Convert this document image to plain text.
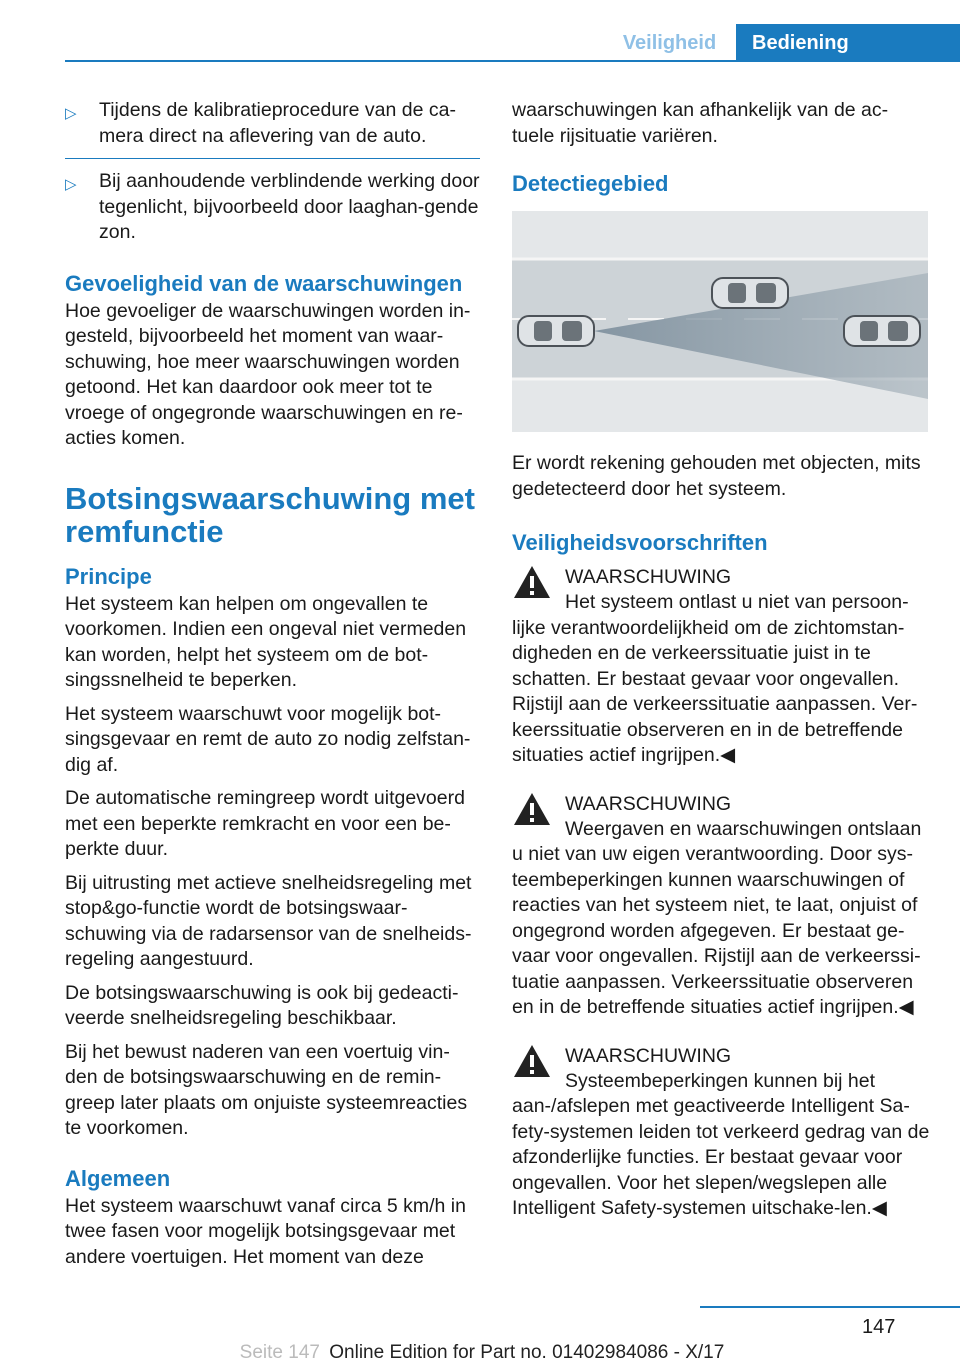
Veiligheid	Bediening
▷ Tijdens de kalibratieprocedure van de ca-mera direct na aflevering van de auto.
▷ Bij aanhoudende verblindende werking door tegenlicht, bijvoorbeeld door laaghan-gende zon.
Gevoeligheid van de waarschuwingen

Hoe gevoeliger de waarschuwingen worden in-gesteld, bijvoorbeeld het moment van waar-schuwing, hoe meer waarschuwingen worden getoond. Het kan daardoor ook meer tot te vroege of ongegronde waarschuwingen en re-acties komen.

Botsingswaarschuwing met remfunctie
Principe

Het systeem kan helpen om ongevallen te voorkomen. Indien een ongeval niet vermeden kan worden, helpt het systeem om de bot-singssnelheid te beperken.

Het systeem waarschuwt voor mogelijk bot-singsgevaar en remt de auto zo nodig zelfstan-dig af.

De automatische remingreep wordt uitgevoerd met een beperkte remkracht en voor een be-perkte duur.

Bij uitrusting met actieve snelheidsregeling met stop&go-functie wordt de botsingswaar-schuwing via de radarsensor van de snelheids-regeling aangestuurd.

De botsingswaarschuwing is ook bij gedeacti-veerde snelheidsregeling beschikbaar.

Bij het bewust naderen van een voertuig vin-den de botsingswaarschuwing en de remin-greep later plaats om onjuiste systeemreacties te voorkomen.

Algemeen

Het systeem waarschuwt vanaf circa 5 km/h in twee fasen voor mogelijk botsingsgevaar met andere voertuigen. Het moment van deze

waarschuwingen kan afhankelijk van de ac-tuele rijsituatie variëren.

Detectiegebied

Er wordt rekening gehouden met objecten, mits gedetecteerd door het systeem.

Veiligheidsvoorschriften
WAARSCHUWING

Het systeem ontlast u niet van persoon-lijke verantwoordelijkheid om de zichtomstan-digheden en de verkeerssituatie juist in te schatten. Er bestaat gevaar voor ongevallen. Rijstijl aan de verkeerssituatie aanpassen. Ver-keerssituatie observeren en in de betreffende situaties actief ingrijpen.◀

WAARSCHUWING

Weergaven en waarschuwingen ontslaan u niet van uw eigen verantwoording. Door sys-teembeperkingen kunnen waarschuwingen of reacties van het systeem niet, te laat, onjuist of ongegrond worden afgegeven. Er bestaat ge-vaar voor ongevallen. Rijstijl aan de verkeerssi-tuatie aanpassen. Verkeerssituatie observeren en in de betreffende situaties actief ingrijpen.◀

WAARSCHUWING

Systeembeperkingen kunnen bij het aan-/afslepen met geactiveerde Intelligent Sa-fety-systemen leiden tot verkeerd gedrag van de afzonderlijke functies. Er bestaat gevaar voor ongevallen. Voor het slepen/wegslepen alle Intelligent Safety-systemen uitschake-len.◀

147
Seite 147 Online Edition for Part no. 01402984086 - X/17
